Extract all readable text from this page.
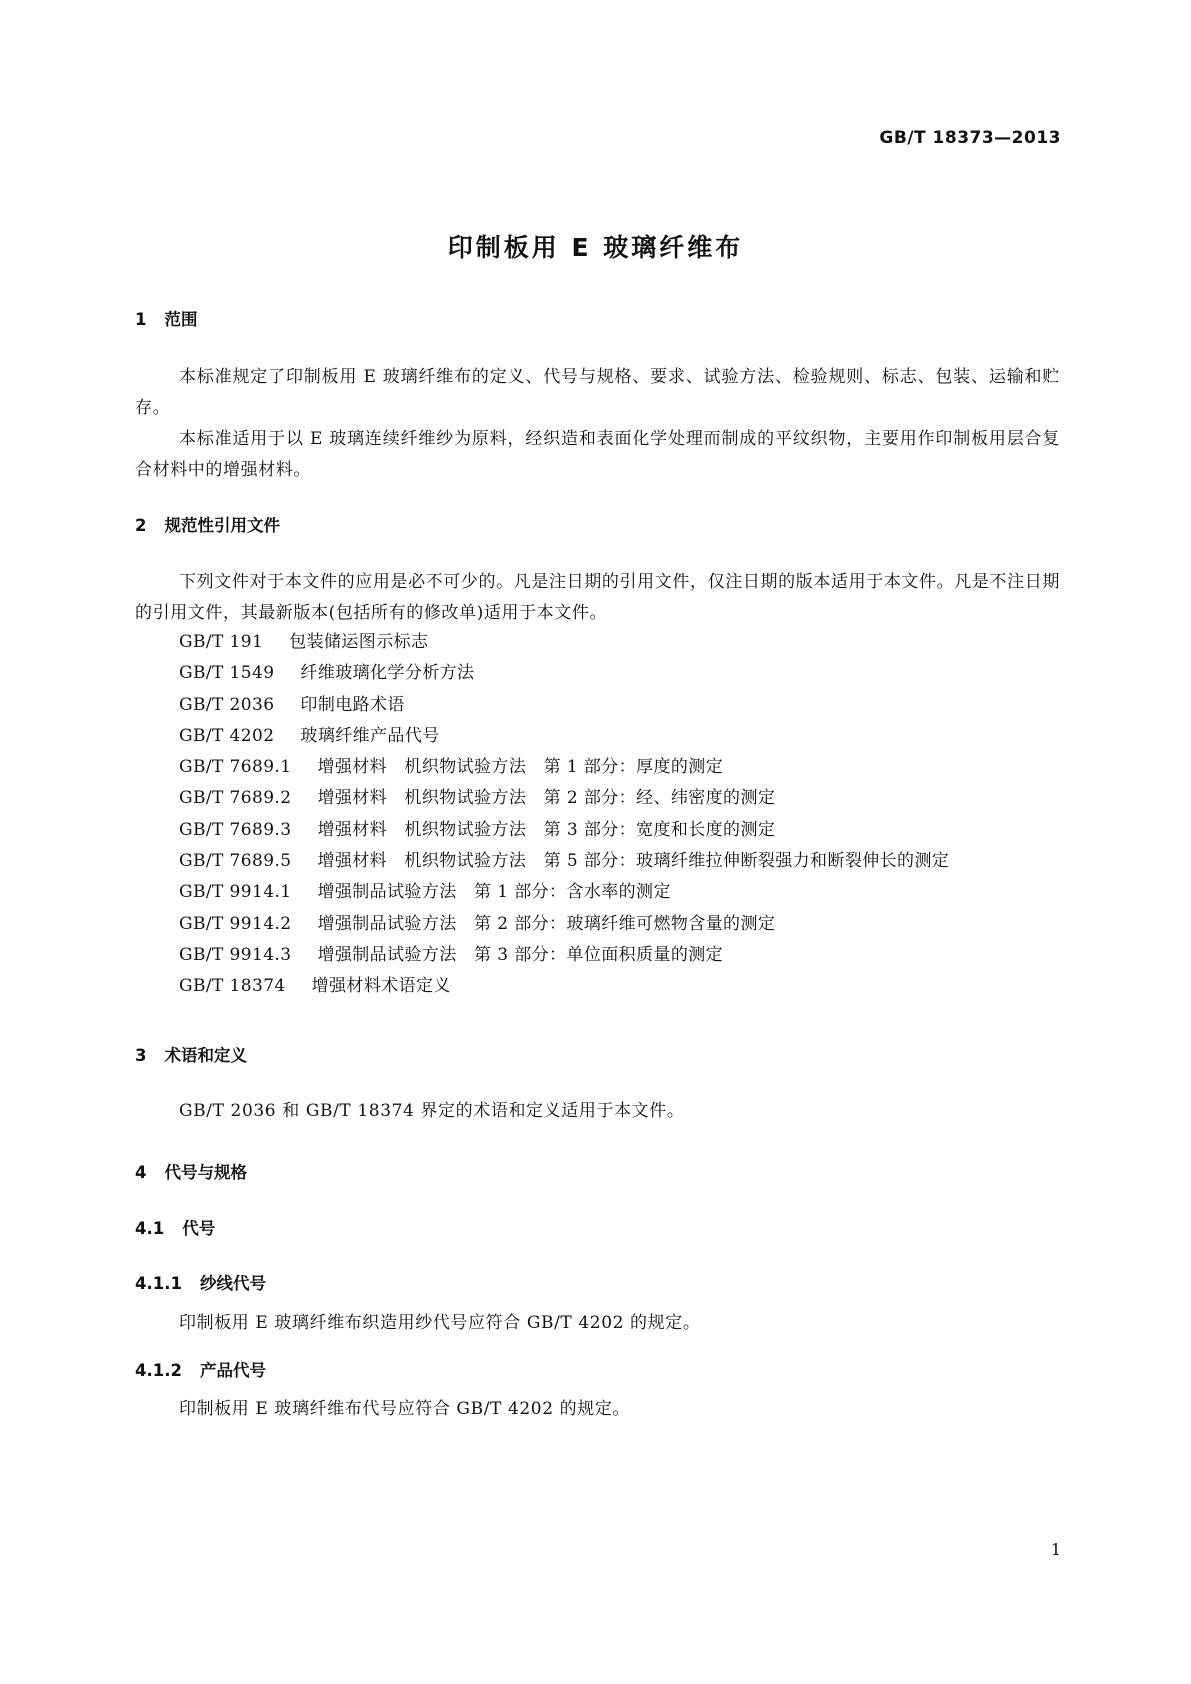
GB/T 18373—2013
印制板用 E 玻璃纤维布
1 范围

本标准规定了印制板用 E 玻璃纤维布的定义、代号与规格、要求、试验方法、检验规则、标志、包装、运输和贮存。

本标准适用于以 E 玻璃连续纤维纱为原料，经织造和表面化学处理而制成的平纹织物，主要用作印制板用层合复合材料中的增强材料。

2 规范性引用文件

下列文件对于本文件的应用是必不可少的。凡是注日期的引用文件，仅注日期的版本适用于本文件。凡是不注日期的引用文件，其最新版本(包括所有的修改单)适用于本文件。

GB/T 191 包装储运图示标志
GB/T 1549 纤维玻璃化学分析方法
GB/T 2036 印制电路术语
GB/T 4202 玻璃纤维产品代号
GB/T 7689.1 增强材料　机织物试验方法　第 1 部分：厚度的测定
GB/T 7689.2 增强材料　机织物试验方法　第 2 部分：经、纬密度的测定
GB/T 7689.3 增强材料　机织物试验方法　第 3 部分：宽度和长度的测定
GB/T 7689.5 增强材料　机织物试验方法　第 5 部分：玻璃纤维拉伸断裂强力和断裂伸长的测定
GB/T 9914.1 增强制品试验方法　第 1 部分：含水率的测定
GB/T 9914.2 增强制品试验方法　第 2 部分：玻璃纤维可燃物含量的测定
GB/T 9914.3 增强制品试验方法　第 3 部分：单位面积质量的测定
GB/T 18374 增强材料术语定义
3 术语和定义

GB/T 2036 和 GB/T 18374 界定的术语和定义适用于本文件。

4 代号与规格
4.1 代号
4.1.1 纱线代号

印制板用 E 玻璃纤维布织造用纱代号应符合 GB/T 4202 的规定。

4.1.2 产品代号

印制板用 E 玻璃纤维布代号应符合 GB/T 4202 的规定。

1
